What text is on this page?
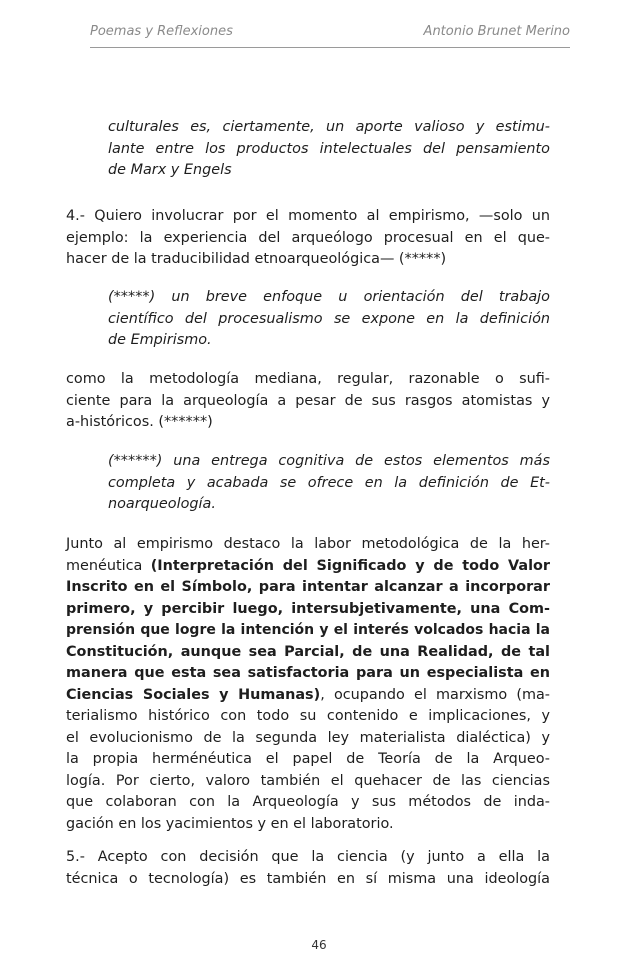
Poemas y Reflexiones	Antonio Brunet Merino
culturales es, ciertamente, un aporte valioso y estimu-
lante entre los productos intelectuales del pensamiento
de Marx y Engels
4.- Quiero involucrar por el momento al empirismo, —solo un
ejemplo: la experiencia del arqueólogo procesual en el que-
hacer de la traducibilidad etnoarqueológica— (*****)
(*****) un breve enfoque u orientación del trabajo
científico del procesualismo se expone en la definición
de Empirismo.
como la metodología mediana, regular, razonable o sufi-
ciente para la arqueología a pesar de sus rasgos atomistas y
a-históricos. (******)
(******) una entrega cognitiva de estos elementos más
completa y acabada se ofrece en la definición de Et-
noarqueología.
Junto al empirismo destaco la labor metodológica de la her-
menéutica (Interpretación del Significado y de todo Valor
Inscrito en el Símbolo, para intentar alcanzar a incorporar
primero, y percibir luego, intersubjetivamente, una Com-
prensión que logre la intención y el interés volcados hacia la
Constitución, aunque sea Parcial, de una Realidad, de tal
manera que esta sea satisfactoria para un especialista en
Ciencias Sociales y Humanas), ocupando el marxismo (ma-
terialismo histórico con todo su contenido e implicaciones, y
el evolucionismo de la segunda ley materialista dialéctica) y
la propia herménéutica el papel de Teoría de la Arqueo-
logía. Por cierto, valoro también el quehacer de las ciencias
que colaboran con la Arqueología y sus métodos de inda-
gación en los yacimientos y en el laboratorio.
5.- Acepto con decisión que la ciencia (y junto a ella la
técnica o tecnología) es también en sí misma una ideología
46
